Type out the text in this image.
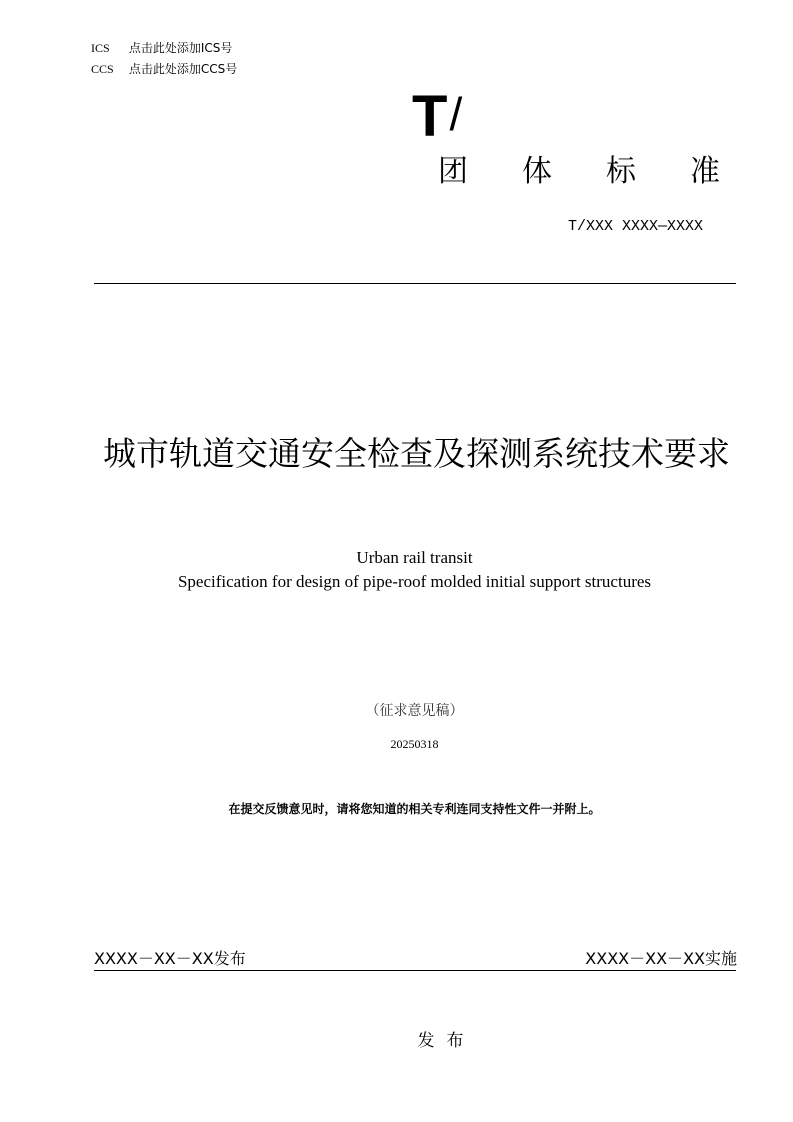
ICS 点击此处添加ICS号
CCS 点击此处添加CCS号
T/
团体标准
T/XXX XXXX—XXXX
城市轨道交通安全检查及探测系统技术要求
Urban rail transit
Specification for design of pipe-roof molded initial support structures
（征求意见稿）
20250318
在提交反馈意见时，请将您知道的相关专利连同支持性文件一并附上。
XXXX－XX－XX发布	XXXX－XX－XX实施
发布
